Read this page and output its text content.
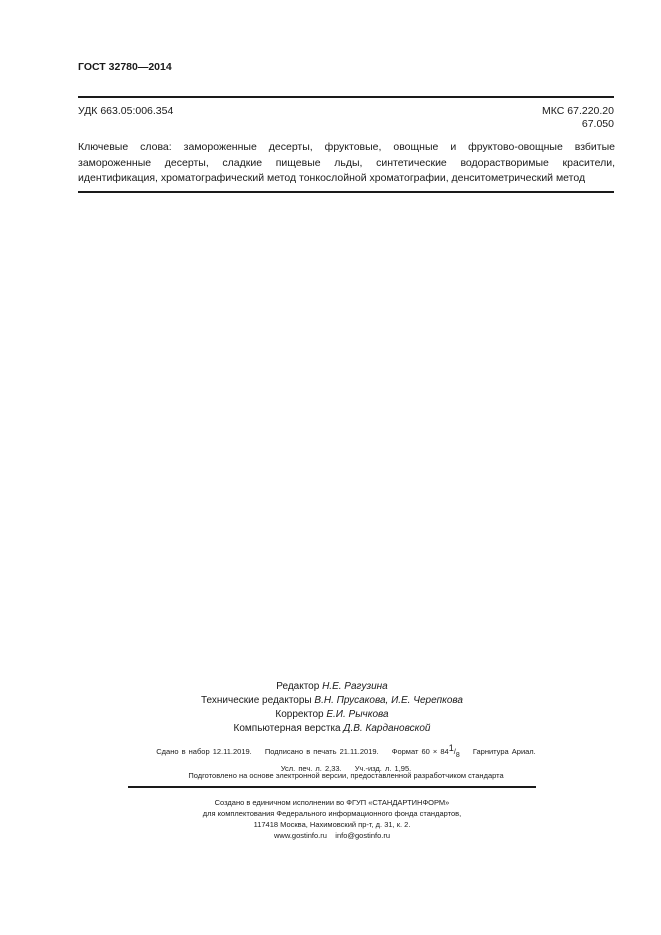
ГОСТ 32780—2014
УДК 663.05:006.354	МКС 67.220.20
67.050
Ключевые слова: замороженные десерты, фруктовые, овощные и фруктово-овощные взбитые замороженные десерты, сладкие пищевые льды, синтетические водорастворимые красители, идентификация, хроматографический метод тонкослойной хроматографии, денситометрический метод
Редактор Н.Е. Рагузина
Технические редакторы В.Н. Прусакова, И.Е. Черепкова
Корректор Е.И. Рычкова
Компьютерная верстка Д.В. Кардановской
Сдано в набор 12.11.2019. Подписано в печать 21.11.2019. Формат $60 \times 84^1/_8$ Гарнитура Ариал.
Усл. печ. л. 2,33. Уч.-изд. л. 1,95.
Подготовлено на основе электронной версии, предоставленной разработчиком стандарта
Создано в единичном исполнении во ФГУП «СТАНДАРТИНФОРМ»
для комплектования Федерального информационного фонда стандартов,
117418 Москва, Нахимовский пр-т, д. 31, к. 2.
www.gostinfo.ru info@gostinfo.ru
